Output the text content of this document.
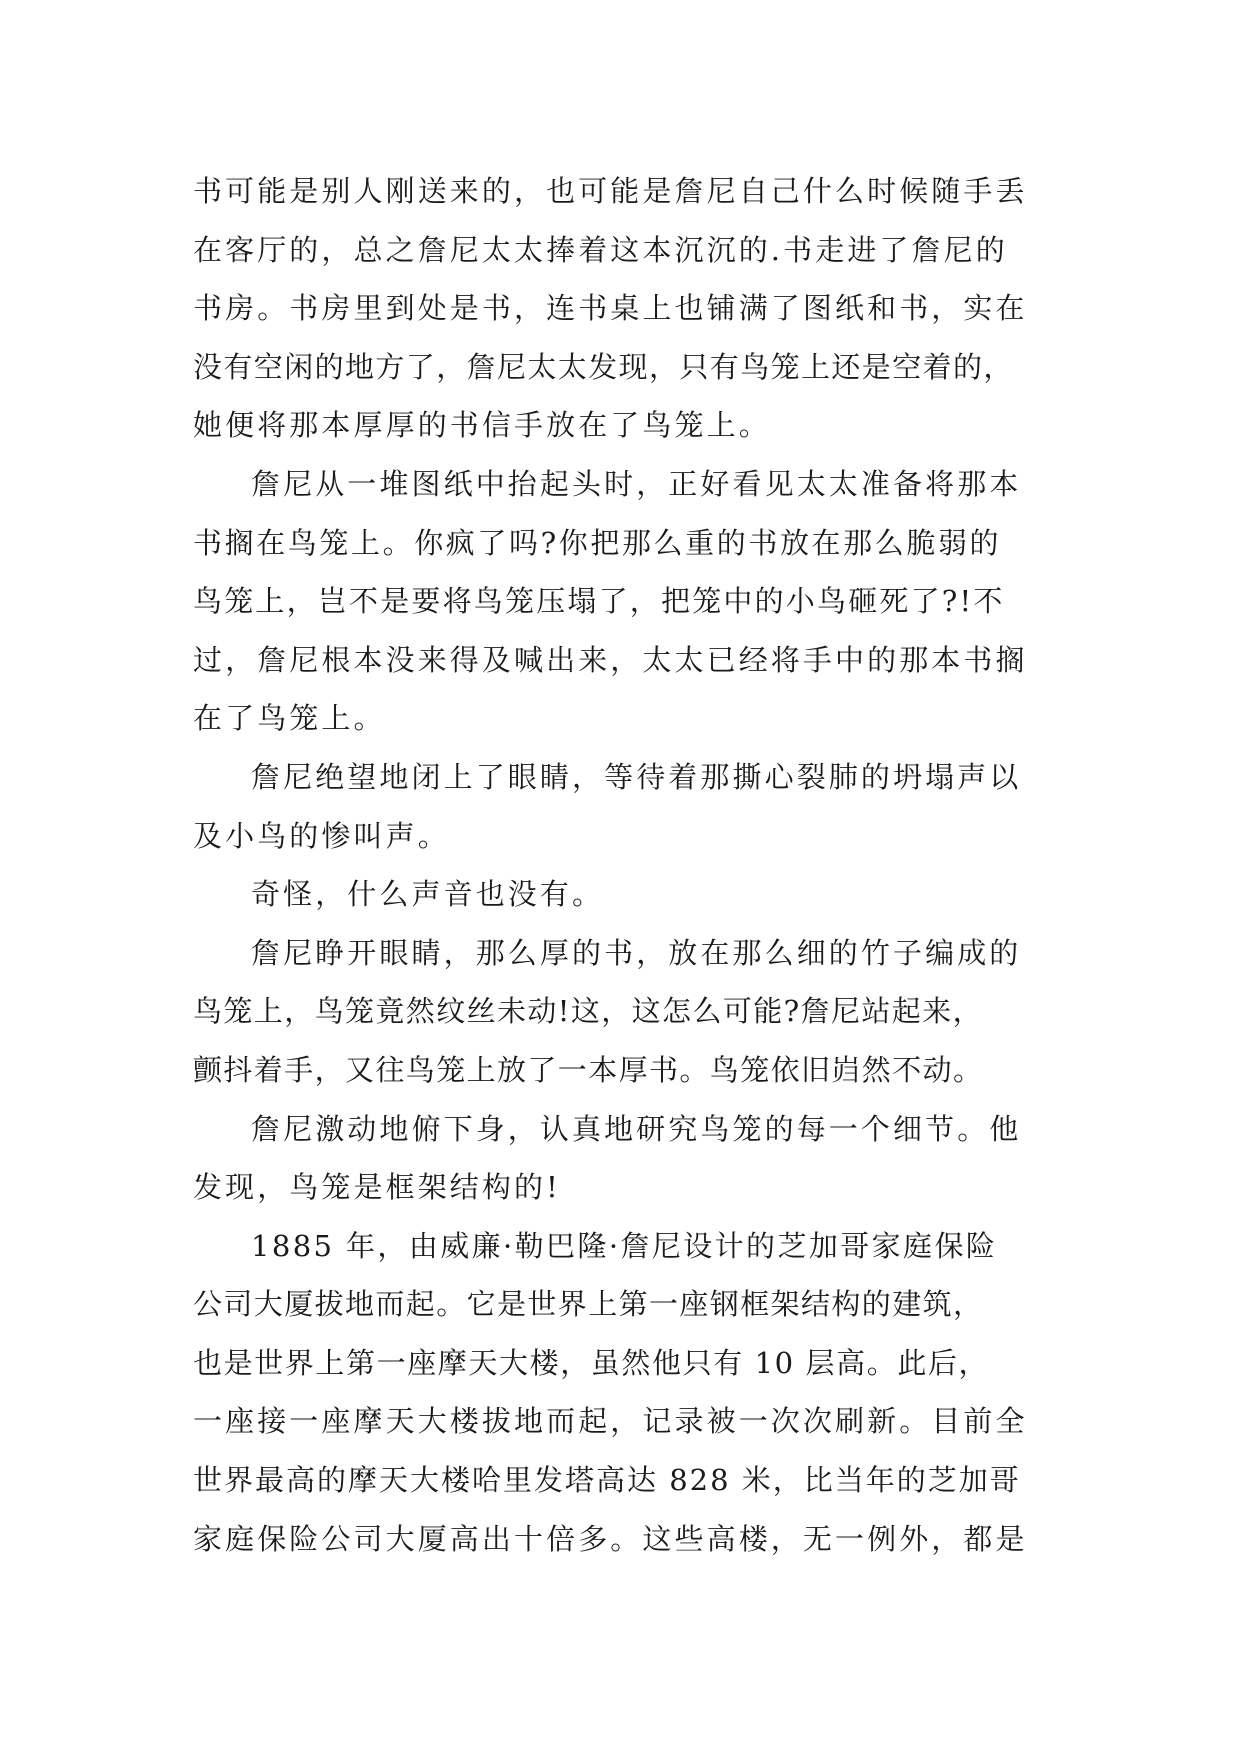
书可能是别人刚送来的，也可能是詹尼自己什么时候随手丢
在客厅的，总之詹尼太太捧着这本沉沉的.书走进了詹尼的
书房。书房里到处是书，连书桌上也铺满了图纸和书，实在
没有空闲的地方了，詹尼太太发现，只有鸟笼上还是空着的，
她便将那本厚厚的书信手放在了鸟笼上。
詹尼从一堆图纸中抬起头时，正好看见太太准备将那本
书搁在鸟笼上。你疯了吗?你把那么重的书放在那么脆弱的
鸟笼上，岂不是要将鸟笼压塌了，把笼中的小鸟砸死了?!不
过，詹尼根本没来得及喊出来，太太已经将手中的那本书搁
在了鸟笼上。
詹尼绝望地闭上了眼睛，等待着那撕心裂肺的坍塌声以
及小鸟的惨叫声。
奇怪，什么声音也没有。
詹尼睁开眼睛，那么厚的书，放在那么细的竹子编成的
鸟笼上，鸟笼竟然纹丝未动!这，这怎么可能?詹尼站起来，
颤抖着手，又往鸟笼上放了一本厚书。鸟笼依旧岿然不动。
詹尼激动地俯下身，认真地研究鸟笼的每一个细节。他
发现，鸟笼是框架结构的!
1885 年，由威廉·勒巴隆·詹尼设计的芝加哥家庭保险
公司大厦拔地而起。它是世界上第一座钢框架结构的建筑，
也是世界上第一座摩天大楼，虽然他只有 10 层高。此后，
一座接一座摩天大楼拔地而起，记录被一次次刷新。目前全
世界最高的摩天大楼哈里发塔高达 828 米，比当年的芝加哥
家庭保险公司大厦高出十倍多。这些高楼，无一例外，都是
